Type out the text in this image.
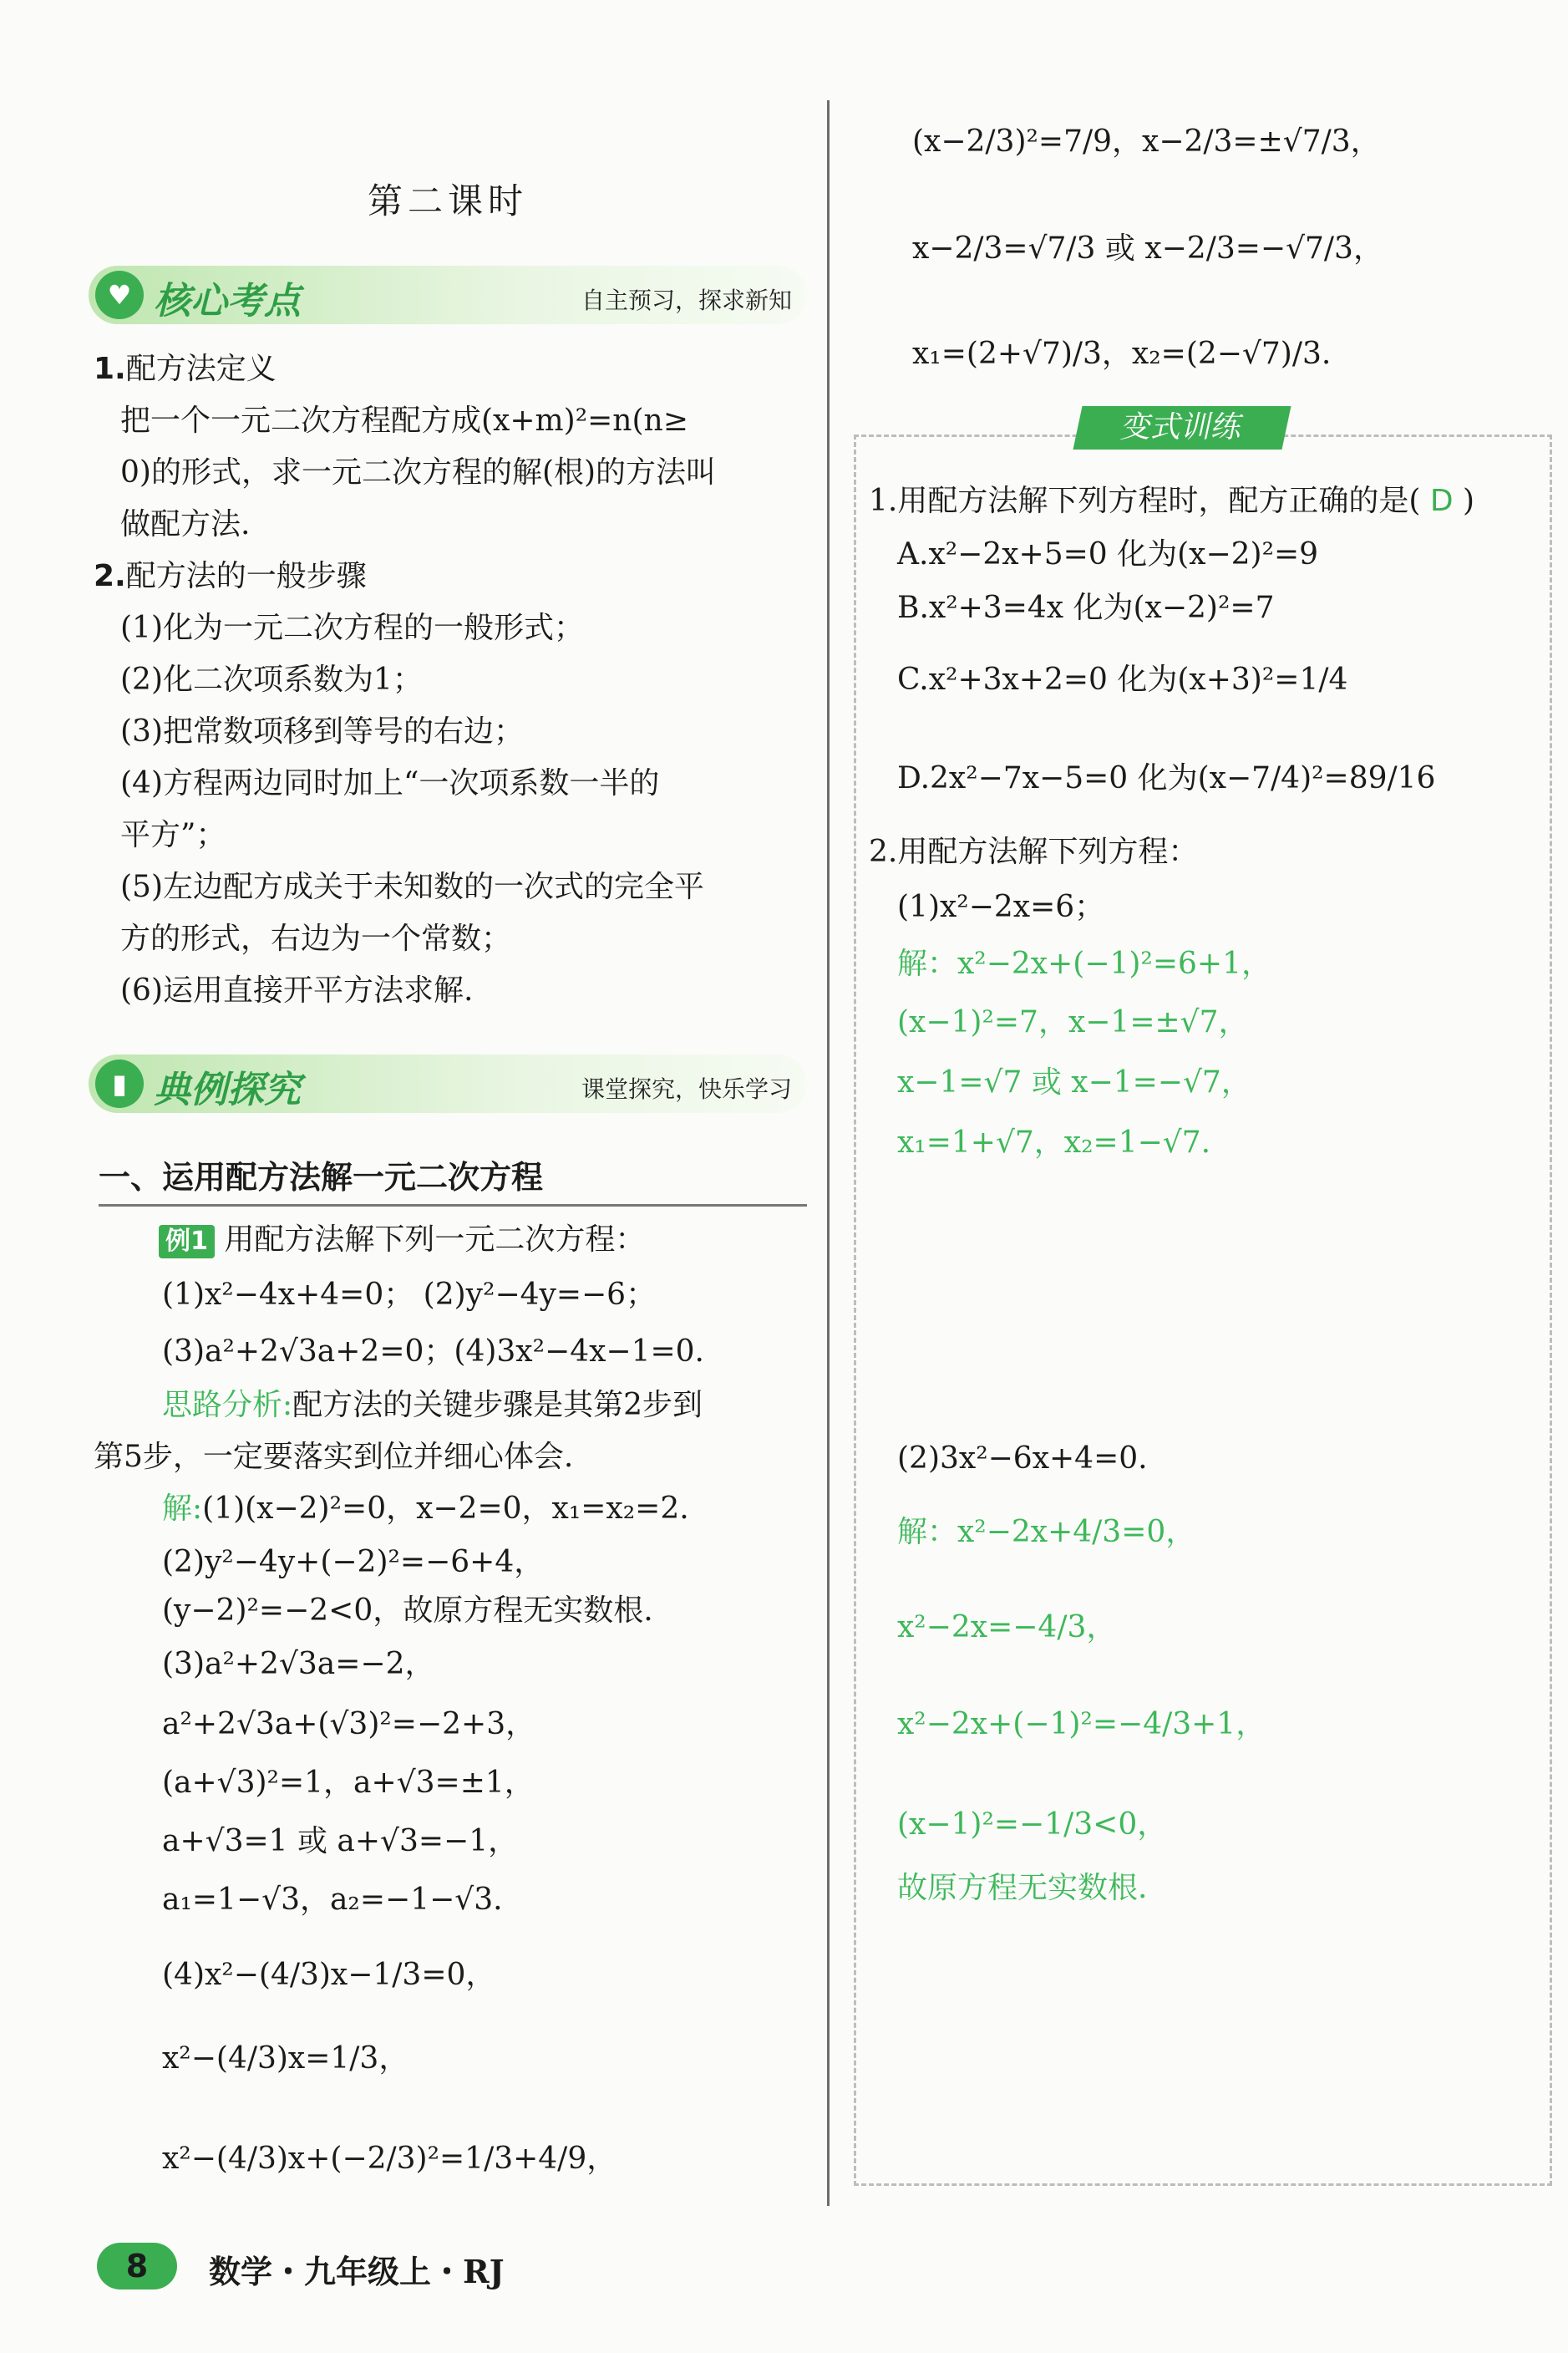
第二课时
♥ 核心考点	自主预习，探求新知
1.配方法定义
把一个一元二次方程配方成(x+m)²=n(n≥
0)的形式，求一元二次方程的解(根)的方法叫
做配方法.
2.配方法的一般步骤
(1)化为一元二次方程的一般形式；
(2)化二次项系数为1；
(3)把常数项移到等号的右边；
(4)方程两边同时加上“一次项系数一半的
平方”；
(5)左边配方成关于未知数的一次式的完全平
方的形式，右边为一个常数；
(6)运用直接开平方法求解.
▮ 典例探究	课堂探究，快乐学习
一、运用配方法解一元二次方程
例1 用配方法解下列一元二次方程：
(1)x²−4x+4=0； (2)y²−4y=−6；
(3)a²+2√3a+2=0；(4)3x²−4x−1=0.
思路分析:配方法的关键步骤是其第2步到
第5步，一定要落实到位并细心体会.
解:(1)(x−2)²=0，x−2=0，x₁=x₂=2.
(2)y²−4y+(−2)²=−6+4，
(y−2)²=−2<0，故原方程无实数根.
(3)a²+2√3a=−2，
a²+2√3a+(√3)²=−2+3，
(a+√3)²=1，a+√3=±1，
a+√3=1 或 a+√3=−1，
a₁=1−√3，a₂=−1−√3.
(4)x²−(4/3)x−1/3=0，
x²−(4/3)x=1/3，
x²−(4/3)x+(−2/3)²=1/3+4/9，
(x−2/3)²=7/9，x−2/3=±√7/3，
x−2/3=√7/3 或 x−2/3=−√7/3，
x₁=(2+√7)/3，x₂=(2−√7)/3.
变式训练
1.用配方法解下列方程时，配方正确的是( D )
A.x²−2x+5=0 化为(x−2)²=9
B.x²+3=4x 化为(x−2)²=7
C.x²+3x+2=0 化为(x+3)²=1/4
D.2x²−7x−5=0 化为(x−7/4)²=89/16
2.用配方法解下列方程：
(1)x²−2x=6；
解：x²−2x+(−1)²=6+1，
(x−1)²=7，x−1=±√7，
x−1=√7 或 x−1=−√7，
x₁=1+√7，x₂=1−√7.
(2)3x²−6x+4=0.
解：x²−2x+4/3=0，
x²−2x=−4/3，
x²−2x+(−1)²=−4/3+1，
(x−1)²=−1/3<0，
故原方程无实数根.
8	数学・九年级上・RJ
